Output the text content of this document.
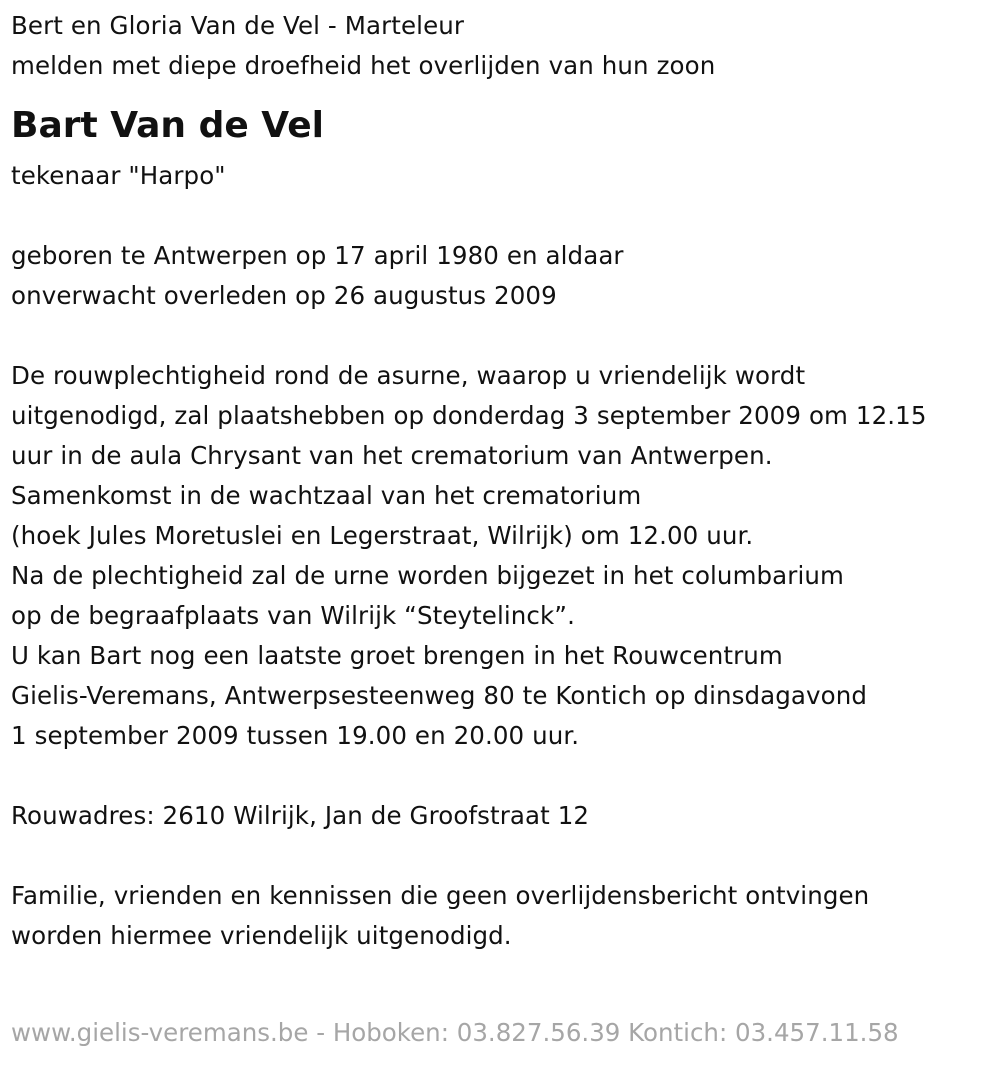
Bert en Gloria Van de Vel - Marteleur
melden met diepe droefheid het overlijden van hun zoon
Bart Van de Vel
tekenaar "Harpo"
geboren te Antwerpen op 17 april 1980 en aldaar
onverwacht overleden op 26 augustus 2009
De rouwplechtigheid rond de asurne, waarop u vriendelijk wordt
uitgenodigd, zal plaatshebben op donderdag 3 september 2009 om 12.15
uur in de aula Chrysant van het crematorium van Antwerpen.
Samenkomst in de wachtzaal van het crematorium
(hoek Jules Moretuslei en Legerstraat, Wilrijk) om 12.00 uur.
Na de plechtigheid zal de urne worden bijgezet in het columbarium
op de begraafplaats van Wilrijk “Steytelinck”.
U kan Bart nog een laatste groet brengen in het Rouwcentrum
Gielis-Veremans, Antwerpsesteenweg 80 te Kontich op dinsdagavond
1 september 2009 tussen 19.00 en 20.00 uur.
Rouwadres: 2610 Wilrijk, Jan de Groofstraat 12
Familie, vrienden en kennissen die geen overlijdensbericht ontvingen
worden hiermee vriendelijk uitgenodigd.
www.gielis-veremans.be - Hoboken: 03.827.56.39 Kontich: 03.457.11.58
